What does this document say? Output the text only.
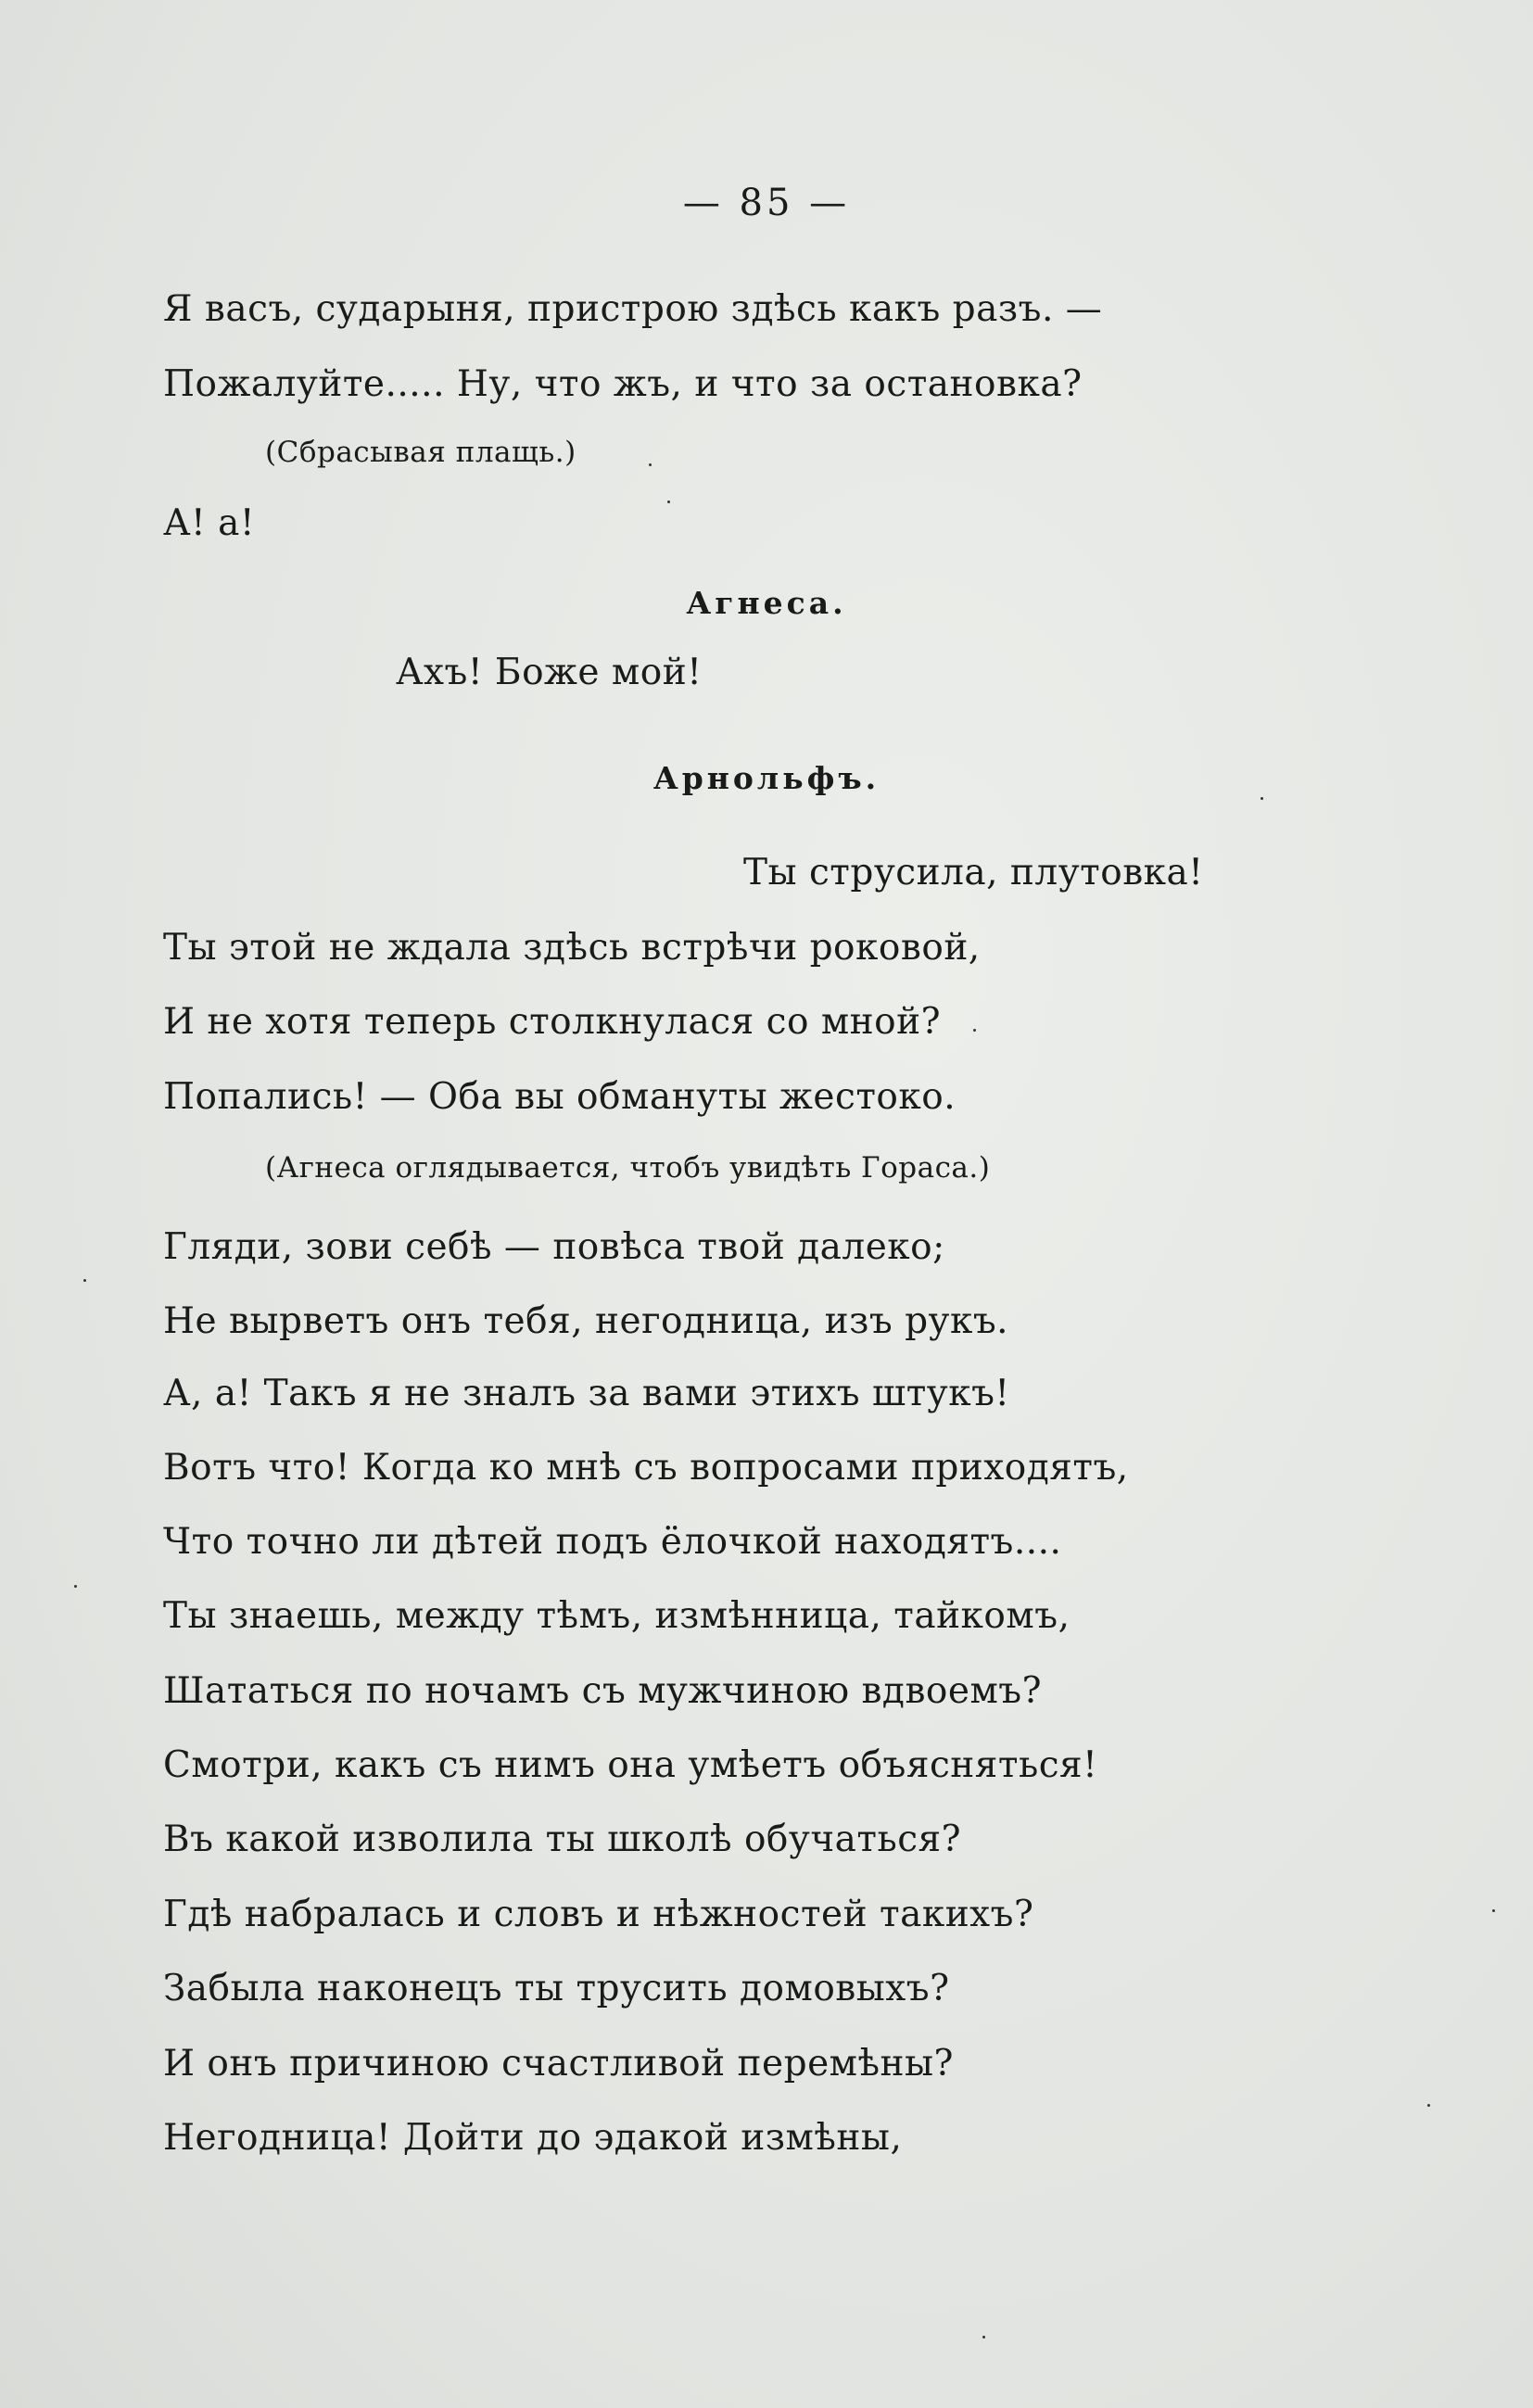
— 85 —
Я васъ, сударыня, пристрою здѣсь какъ разъ. —
Пожалуйте..... Ну, что жъ, и что за остановка?
(Сбрасывая плащь.)
А! а!
Агнеса.
Ахъ! Боже мой!
Арнольфъ.
Ты струсила, плутовка!
Ты этой не ждала здѣсь встрѣчи роковой,
И не хотя теперь столкнулася со мной?
Попались! — Оба вы обмануты жестоко.
(Агнеса оглядывается, чтобъ увидѣть Гораса.)
Гляди, зови себѣ — повѣса твой далеко;
Не вырветъ онъ тебя, негодница, изъ рукъ.
А, а! Такъ я не зналъ за вами этихъ штукъ!
Вотъ что! Когда ко мнѣ съ вопросами приходятъ,
Что точно ли дѣтей подъ ёлочкой находятъ....
Ты знаешь, между тѣмъ, измѣнница, тайкомъ,
Шататься по ночамъ съ мужчиною вдвоемъ?
Смотри, какъ съ нимъ она умѣетъ объясняться!
Въ какой изволила ты школѣ обучаться?
Гдѣ набралась и словъ и нѣжностей такихъ?
Забыла наконецъ ты трусить домовыхъ?
И онъ причиною счастливой перемѣны?
Негодница! Дойти до эдакой измѣны,
